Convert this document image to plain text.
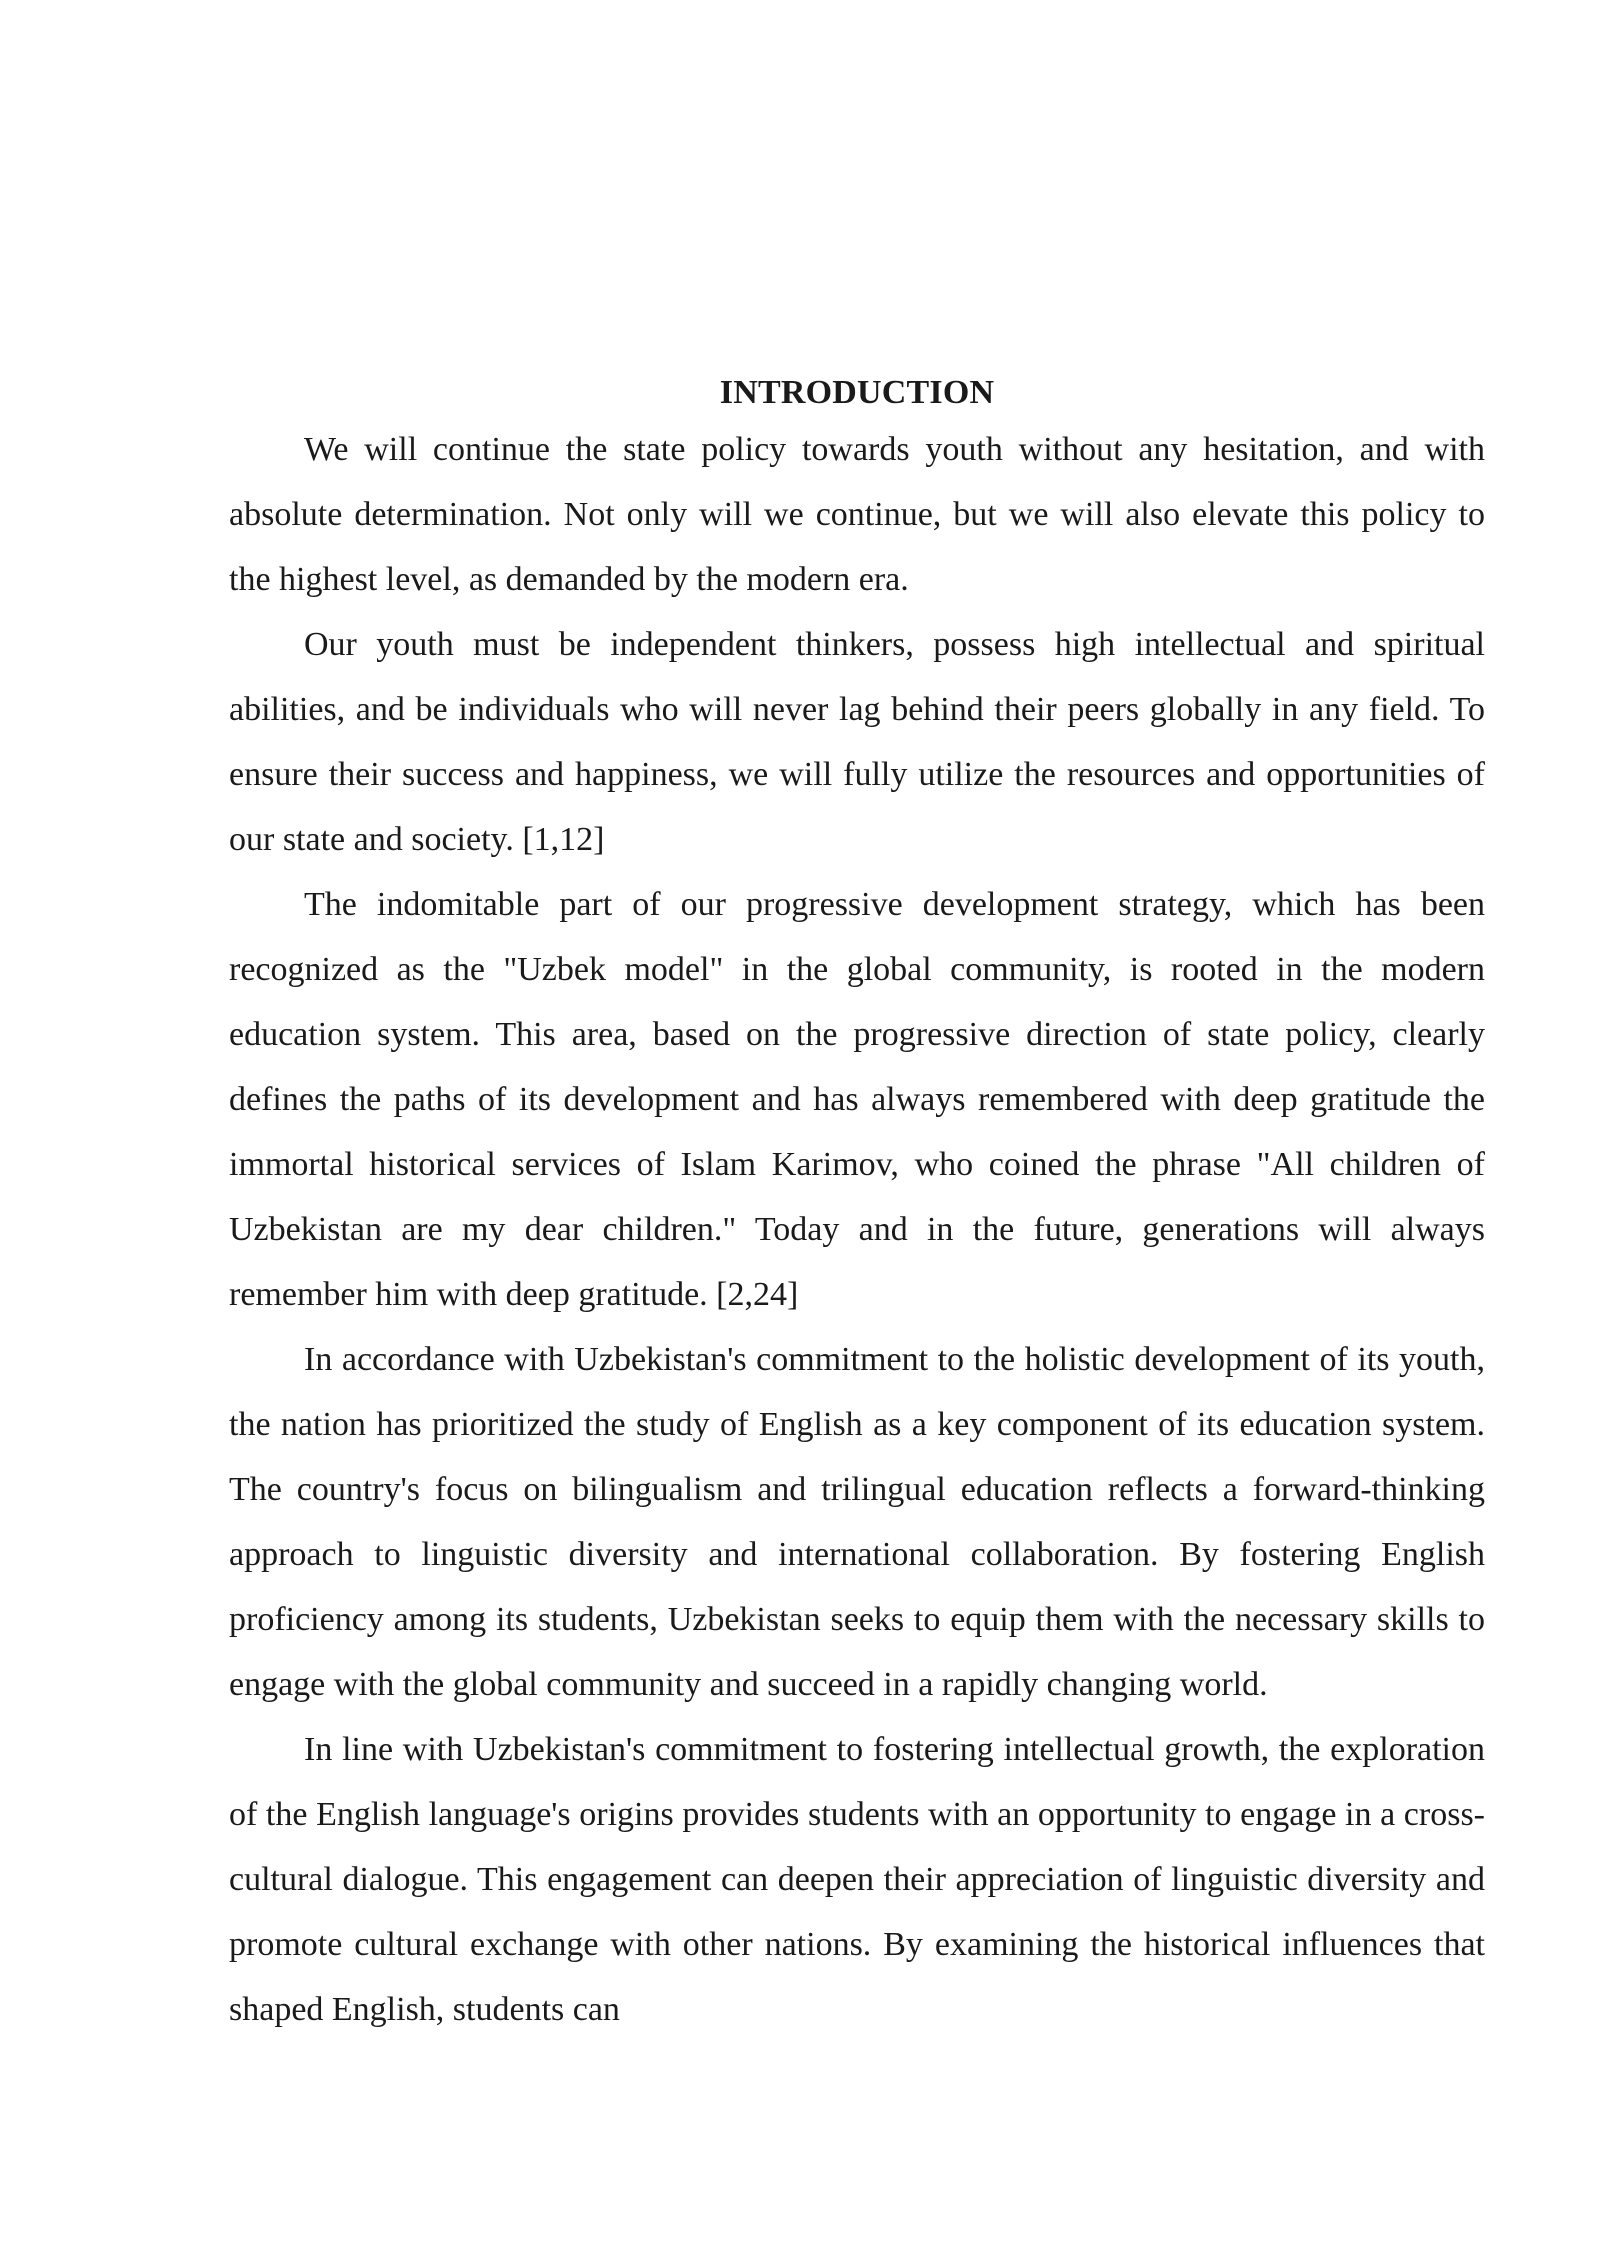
INTRODUCTION

We will continue the state policy towards youth without any hesitation, and with absolute determination. Not only will we continue, but we will also elevate this policy to the highest level, as demanded by the modern era.

Our youth must be independent thinkers, possess high intellectual and spiritual abilities, and be individuals who will never lag behind their peers globally in any field. To ensure their success and happiness, we will fully utilize the resources and opportunities of our state and society. [1,12]

The indomitable part of our progressive development strategy, which has been recognized as the "Uzbek model" in the global community, is rooted in the modern education system. This area, based on the progressive direction of state policy, clearly defines the paths of its development and has always remembered with deep gratitude the immortal historical services of Islam Karimov, who coined the phrase "All children of Uzbekistan are my dear children." Today and in the future, generations will always remember him with deep gratitude. [2,24]

In accordance with Uzbekistan's commitment to the holistic development of its youth, the nation has prioritized the study of English as a key component of its education system. The country's focus on bilingualism and trilingual education reflects a forward-thinking approach to linguistic diversity and international collaboration. By fostering English proficiency among its students, Uzbekistan seeks to equip them with the necessary skills to engage with the global community and succeed in a rapidly changing world.

In line with Uzbekistan's commitment to fostering intellectual growth, the exploration of the English language's origins provides students with an opportunity to engage in a cross-cultural dialogue. This engagement can deepen their appreciation of linguistic diversity and promote cultural exchange with other nations. By examining the historical influences that shaped English, students can
